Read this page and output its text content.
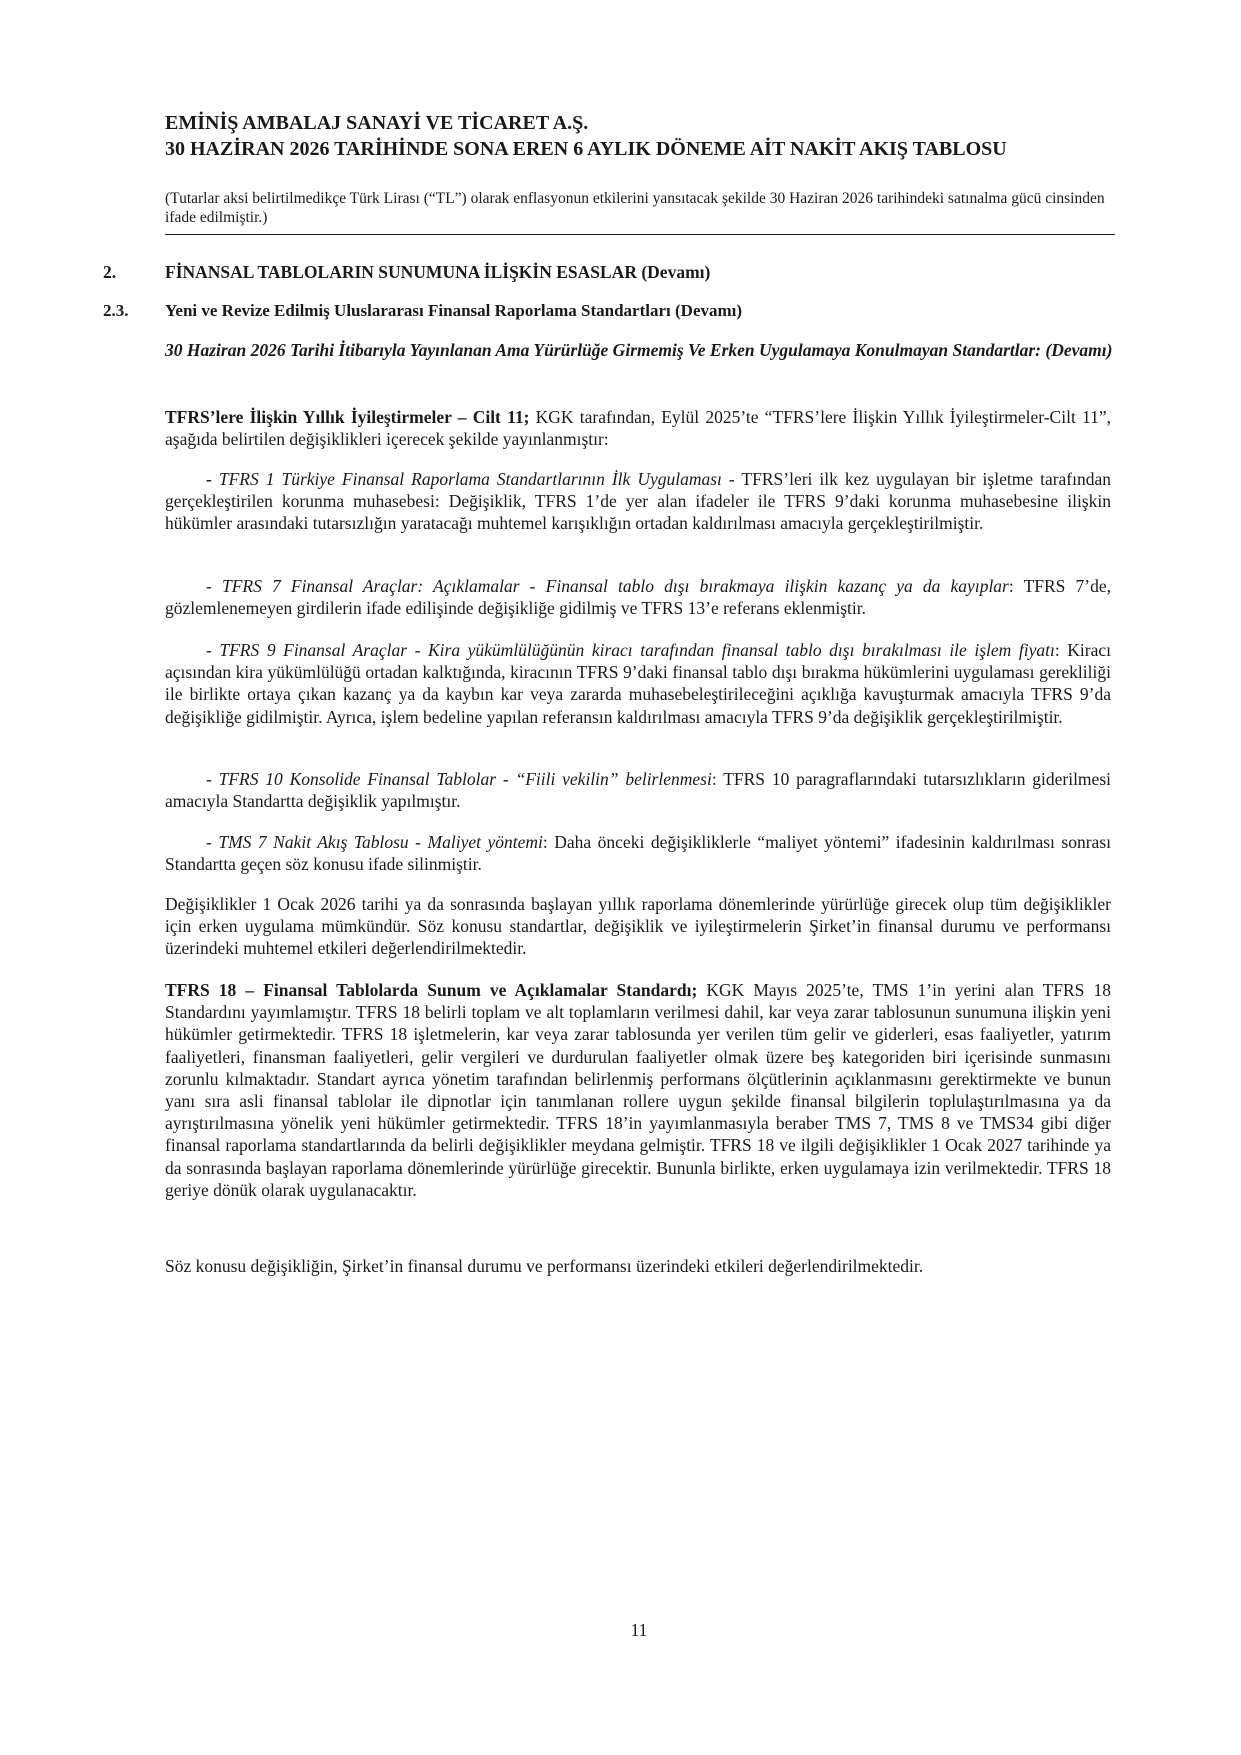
EMİNİŞ AMBALAJ SANAYİ VE TİCARET A.Ş.
30 HAZİRAN 2026 TARİHİNDE SONA EREN 6 AYLIK DÖNEME AİT NAKİT AKIŞ TABLOSU
(Tutarlar aksi belirtilmedikçe Türk Lirası (“TL”) olarak enflasyonun etkilerini yansıtacak şekilde 30 Haziran 2026 tarihindeki satınalma gücü cinsinden ifade edilmiştir.)
2.	FİNANSAL TABLOLARIN SUNUMUNA İLİŞKİN ESASLAR (Devamı)
2.3. Yeni ve Revize Edilmiş Uluslararası Finansal Raporlama Standartları (Devamı)
30 Haziran 2026 Tarihi İtibarıyla Yayınlanan Ama Yürürlüğe Girmemiş Ve Erken Uygulamaya Konulmayan Standartlar: (Devamı)

TFRS’lere İlişkin Yıllık İyileştirmeler – Cilt 11; KGK tarafından, Eylül 2025’te “TFRS’lere İlişkin Yıllık İyileştirmeler-Cilt 11”, aşağıda belirtilen değişiklikleri içerecek şekilde yayınlanmıştır:

- TFRS 1 Türkiye Finansal Raporlama Standartlarının İlk Uygulaması - TFRS’leri ilk kez uygulayan bir işletme tarafından gerçekleştirilen korunma muhasebesi: Değişiklik, TFRS 1’de yer alan ifadeler ile TFRS 9’daki korunma muhasebesine ilişkin hükümler arasındaki tutarsızlığın yaratacağı muhtemel karışıklığın ortadan kaldırılması amacıyla gerçekleştirilmiştir.

- TFRS 7 Finansal Araçlar: Açıklamalar - Finansal tablo dışı bırakmaya ilişkin kazanç ya da kayıplar: TFRS 7’de, gözlemlenemeyen girdilerin ifade edilişinde değişikliğe gidilmiş ve TFRS 13’e referans eklenmiştir.

- TFRS 9 Finansal Araçlar - Kira yükümlülüğünün kiracı tarafından finansal tablo dışı bırakılması ile işlem fiyatı: Kiracı açısından kira yükümlülüğü ortadan kalktığında, kiracının TFRS 9’daki finansal tablo dışı bırakma hükümlerini uygulaması gerekliliği ile birlikte ortaya çıkan kazanç ya da kaybın kar veya zararda muhasebeleştirileceğini açıklığa kavuşturmak amacıyla TFRS 9’da değişikliğe gidilmiştir. Ayrıca, işlem bedeline yapılan referansın kaldırılması amacıyla TFRS 9’da değişiklik gerçekleştirilmiştir.

- TFRS 10 Konsolide Finansal Tablolar - “Fiili vekilin” belirlenmesi: TFRS 10 paragraflarındaki tutarsızlıkların giderilmesi amacıyla Standartta değişiklik yapılmıştır.

- TMS 7 Nakit Akış Tablosu - Maliyet yöntemi: Daha önceki değişikliklerle “maliyet yöntemi” ifadesinin kaldırılması sonrası Standartta geçen söz konusu ifade silinmiştir.

Değişiklikler 1 Ocak 2026 tarihi ya da sonrasında başlayan yıllık raporlama dönemlerinde yürürlüğe girecek olup tüm değişiklikler için erken uygulama mümkündür. Söz konusu standartlar, değişiklik ve iyileştirmelerin Şirket’in finansal durumu ve performansı üzerindeki muhtemel etkileri değerlendirilmektedir.

TFRS 18 – Finansal Tablolarda Sunum ve Açıklamalar Standardı; KGK Mayıs 2025’te, TMS 1’in yerini alan TFRS 18 Standardını yayımlamıştır. TFRS 18 belirli toplam ve alt toplamların verilmesi dahil, kar veya zarar tablosunun sunumuna ilişkin yeni hükümler getirmektedir. TFRS 18 işletmelerin, kar veya zarar tablosunda yer verilen tüm gelir ve giderleri, esas faaliyetler, yatırım faaliyetleri, finansman faaliyetleri, gelir vergileri ve durdurulan faaliyetler olmak üzere beş kategoriden biri içerisinde sunmasını zorunlu kılmaktadır. Standart ayrıca yönetim tarafından belirlenmiş performans ölçütlerinin açıklanmasını gerektirmekte ve bunun yanı sıra asli finansal tablolar ile dipnotlar için tanımlanan rollere uygun şekilde finansal bilgilerin toplulaştırılmasına ya da ayrıştırılmasına yönelik yeni hükümler getirmektedir. TFRS 18’in yayımlanmasıyla beraber TMS 7, TMS 8 ve TMS34 gibi diğer finansal raporlama standartlarında da belirli değişiklikler meydana gelmiştir. TFRS 18 ve ilgili değişiklikler 1 Ocak 2027 tarihinde ya da sonrasında başlayan raporlama dönemlerinde yürürlüğe girecektir. Bununla birlikte, erken uygulamaya izin verilmektedir. TFRS 18 geriye dönük olarak uygulanacaktır.

Söz konusu değişikliğin, Şirket’in finansal durumu ve performansı üzerindeki etkileri değerlendirilmektedir.

11
